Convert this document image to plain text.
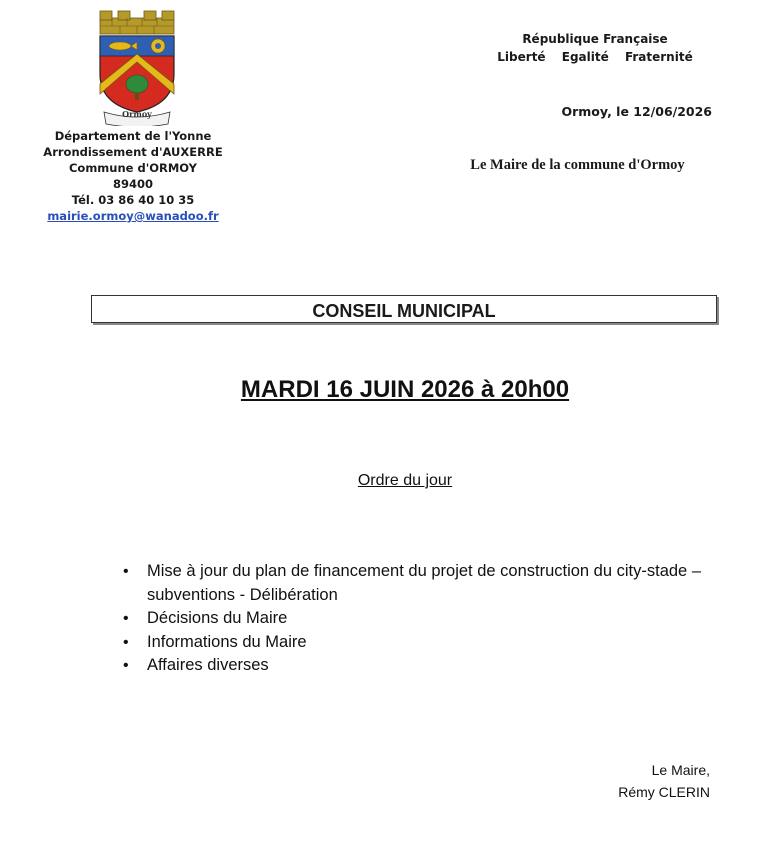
Ormoy
Département de l'Yonne
Arrondissement d'AUXERRE
Commune d'ORMOY
89400
Tél. 03 86 40 10 35
mairie.ormoy@wanadoo.fr
République Française
Liberté Egalité Fraternité
Ormoy, le 12/06/2026
Le Maire de la commune d'Ormoy
CONSEIL MUNICIPAL
MARDI 16 JUIN 2026 à 20h00
Ordre du jour
• Mise à jour du plan de financement du projet de construction du city-stade – subventions - Délibération
• Décisions du Maire
• Informations du Maire
• Affaires diverses
Le Maire,
Rémy CLERIN
